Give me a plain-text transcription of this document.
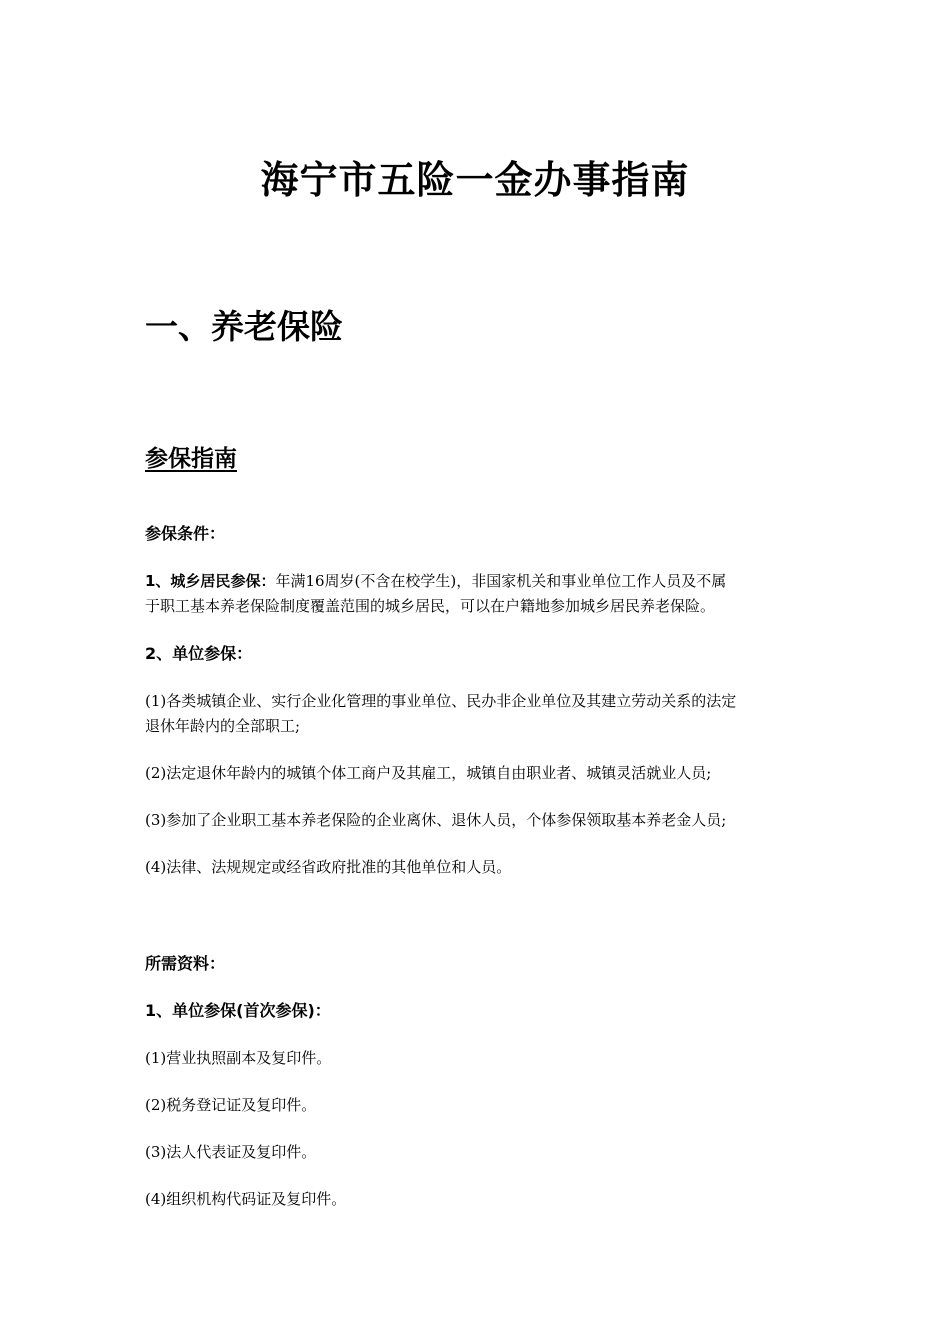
海宁市五险一金办事指南
一、养老保险
参保指南
参保条件：
1、城乡居民参保：年满16周岁(不含在校学生)，非国家机关和事业单位工作人员及不属
于职工基本养老保险制度覆盖范围的城乡居民，可以在户籍地参加城乡居民养老保险。
2、单位参保：
(1)各类城镇企业、实行企业化管理的事业单位、民办非企业单位及其建立劳动关系的法定
退休年龄内的全部职工;
(2)法定退休年龄内的城镇个体工商户及其雇工，城镇自由职业者、城镇灵活就业人员;
(3)参加了企业职工基本养老保险的企业离休、退休人员，个体参保领取基本养老金人员;
(4)法律、法规规定或经省政府批准的其他单位和人员。
所需资料：
1、单位参保(首次参保)：
(1)营业执照副本及复印件。
(2)税务登记证及复印件。
(3)法人代表证及复印件。
(4)组织机构代码证及复印件。
